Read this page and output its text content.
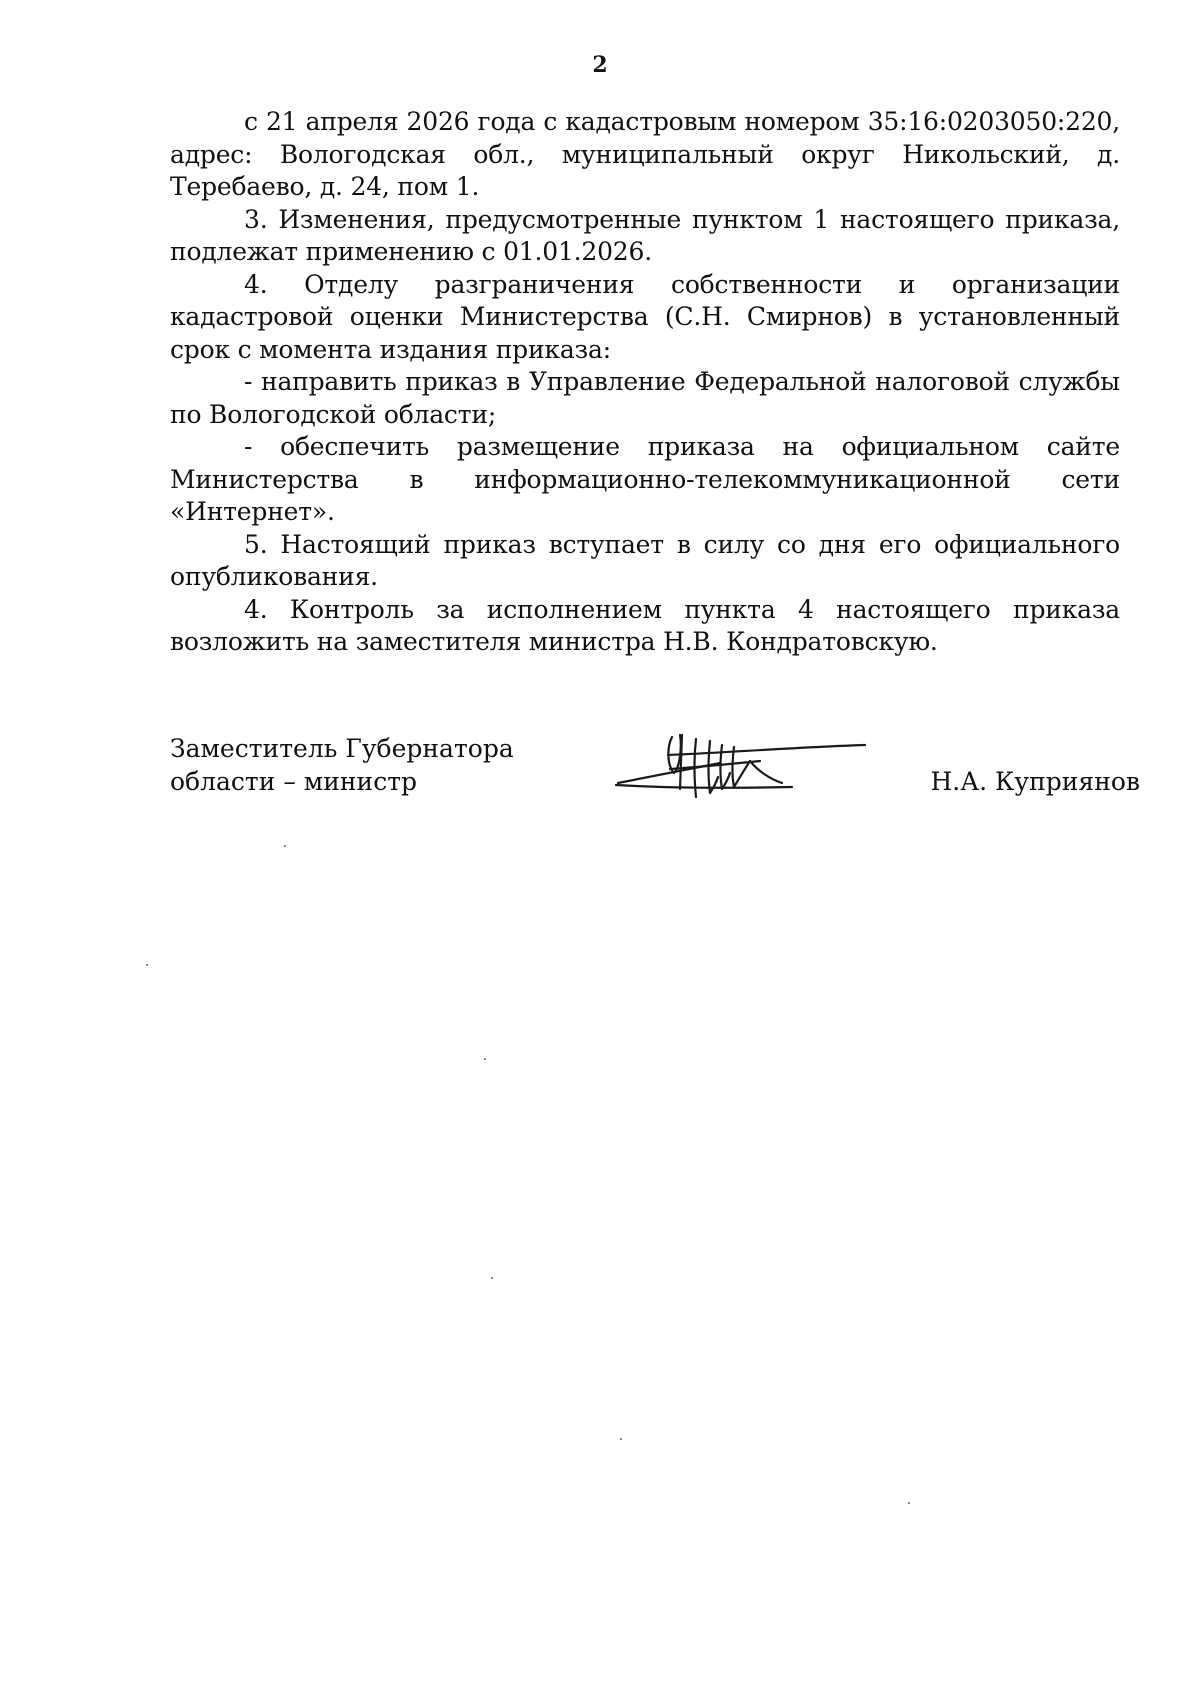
2

с 21 апреля 2026 года с кадастровым номером 35:16:0203050:220, адрес: Вологодская обл., муниципальный округ Никольский, д. Теребаево, д. 24, пом 1.

3. Изменения, предусмотренные пунктом 1 настоящего приказа, подлежат применению с 01.01.2026.

4. Отделу разграничения собственности и организации кадастровой оценки Министерства (С.Н. Смирнов) в установленный срок с момента издания приказа:

- направить приказ в Управление Федеральной налоговой службы по Вологодской области;

- обеспечить размещение приказа на официальном сайте Министерства в информационно-телекоммуникационной сети «Интернет».

5. Настоящий приказ вступает в силу со дня его официального опубликования.

4. Контроль за исполнением пункта 4 настоящего приказа возложить на заместителя министра Н.В. Кондратовскую.

Заместитель Губернатора
области – министр	Н.А. Куприянов
